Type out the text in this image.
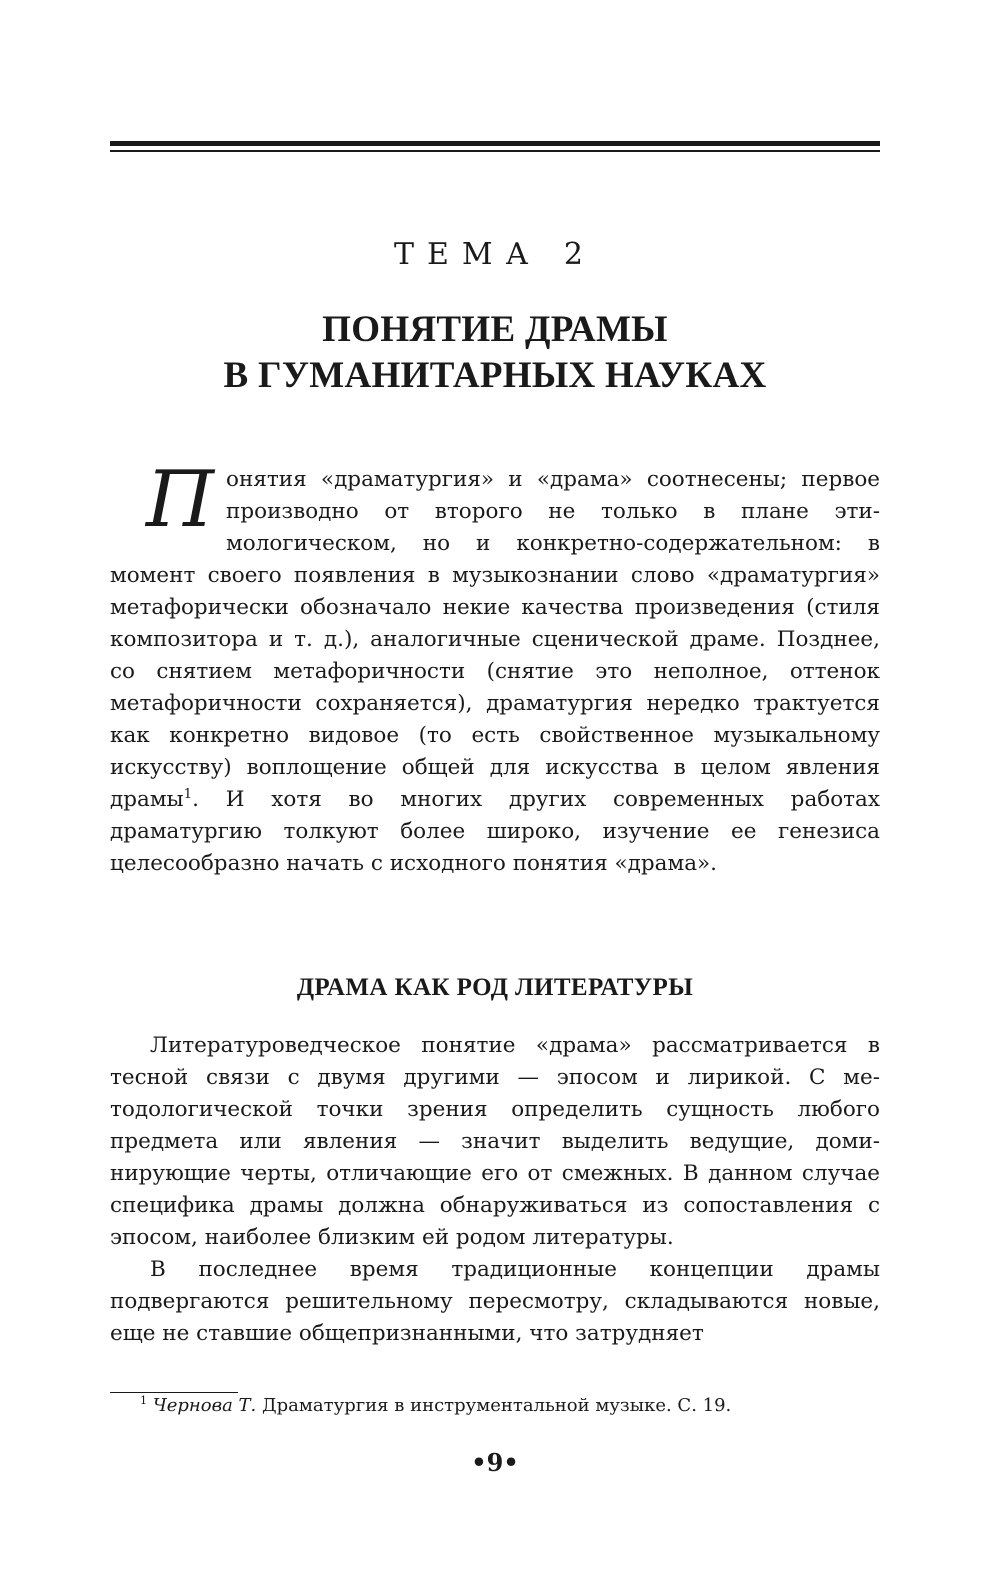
ТЕМА 2
ПОНЯТИЕ ДРАМЫ
В ГУМАНИТАРНЫХ НАУКАХ
Понятия «драматургия» и «драма» соотнесены; первое производно от второго не только в плане этимологическом, но и конкретно-содержательном: в момент своего появления в музыкознании слово «драматургия» метафорически обозначало некие качества произведения (стиля композитора и т. д.), аналогичные сценической драме. Позднее, со снятием метафоричности (снятие это неполное, оттенок метафоричности сохраняется), драматургия нередко трактуется как конкретно видовое (то есть свойственное музыкальному искусству) воплощение общей для искусства в целом явления драмы$^1$. И хотя во многих других современных работах драматургию толкуют более широко, изучение ее генезиса целесообразно начать с исходного понятия «драма».
ДРАМА КАК РОД ЛИТЕРАТУРЫ

Литературоведческое понятие «драма» рассматривается в тесной связи с двумя другими — эпосом и лирикой. С методологической точки зрения определить сущность любого предмета или явления — значит выделить ведущие, доминирующие черты, отличающие его от смежных. В данном случае специфика драмы должна обнаруживаться из сопоставления с эпосом, наиболее близким ей родом литературы.

В последнее время традиционные концепции драмы подвергаются решительному пересмотру, складываются новые, еще не ставшие общепризнанными, что затрудняет

$^1$ Чернова Т. Драматургия в инструментальной музыке. С. 19.
•9•
